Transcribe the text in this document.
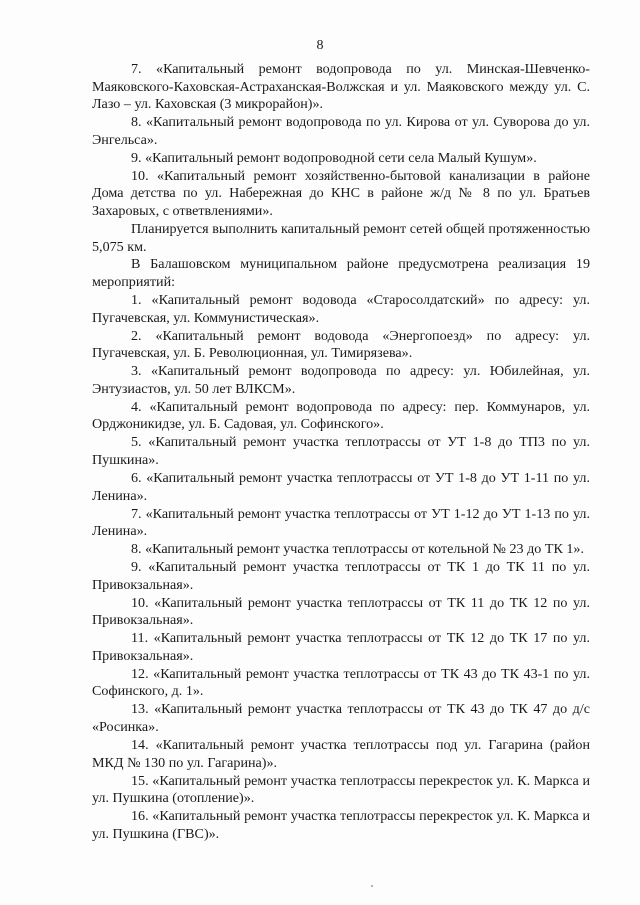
8

7. «Капитальный ремонт водопровода по ул. Минская-Шевченко-Маяковского-Каховская-Астраханская-Волжская и ул. Маяковского между ул. С. Лазо – ул. Каховская (3 микрорайон)».

8. «Капитальный ремонт водопровода по ул. Кирова от ул. Суворова до ул. Энгельса».

9. «Капитальный ремонт водопроводной сети села Малый Кушум».

10. «Капитальный ремонт хозяйственно-бытовой канализации в районе Дома детства по ул. Набережная до КНС в районе ж/д № 8 по ул. Братьев Захаровых, с ответвлениями».

Планируется выполнить капитальный ремонт сетей общей протяженностью 5,075 км.

В Балашовском муниципальном районе предусмотрена реализация 19 мероприятий:

1. «Капитальный ремонт водовода «Старосолдатский» по адресу: ул. Пугачевская, ул. Коммунистическая».

2. «Капитальный ремонт водовода «Энергопоезд» по адресу: ул. Пугачевская, ул. Б. Революционная, ул. Тимирязева».

3. «Капитальный ремонт водопровода по адресу: ул. Юбилейная, ул. Энтузиастов, ул. 50 лет ВЛКСМ».

4. «Капитальный ремонт водопровода по адресу: пер. Коммунаров, ул. Орджоникидзе, ул. Б. Садовая, ул. Софинского».

5. «Капитальный ремонт участка теплотрассы от УТ 1-8 до ТП3 по ул. Пушкина».

6. «Капитальный ремонт участка теплотрассы от УТ 1-8 до УТ 1-11 по ул. Ленина».

7. «Капитальный ремонт участка теплотрассы от УТ 1-12 до УТ 1-13 по ул. Ленина».

8. «Капитальный ремонт участка теплотрассы от котельной № 23 до ТК 1».

9. «Капитальный ремонт участка теплотрассы от ТК 1 до ТК 11 по ул. Привокзальная».

10. «Капитальный ремонт участка теплотрассы от ТК 11 до ТК 12 по ул. Привокзальная».

11. «Капитальный ремонт участка теплотрассы от ТК 12 до ТК 17 по ул. Привокзальная».

12. «Капитальный ремонт участка теплотрассы от ТК 43 до ТК 43-1 по ул. Софинского, д. 1».

13. «Капитальный ремонт участка теплотрассы от ТК 43 до ТК 47 до д/с «Росинка».

14. «Капитальный ремонт участка теплотрассы под ул. Гагарина (район МКД № 130 по ул. Гагарина)».

15. «Капитальный ремонт участка теплотрассы перекресток ул. К. Маркса и ул. Пушкина (отопление)».

16. «Капитальный ремонт участка теплотрассы перекресток ул. К. Маркса и ул. Пушкина (ГВС)».
